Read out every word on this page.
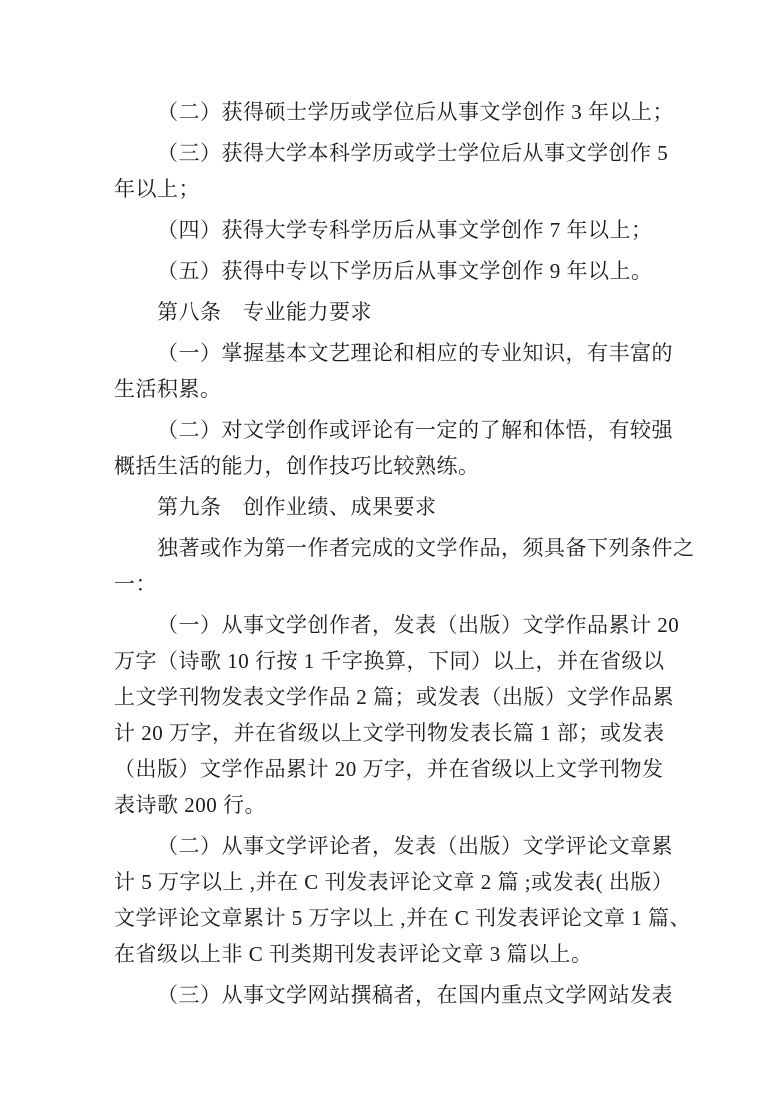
（二）获得硕士学历或学位后从事文学创作 3 年以上；
（三）获得大学本科学历或学士学位后从事文学创作 5
年以上；
（四）获得大学专科学历后从事文学创作 7 年以上；
（五）获得中专以下学历后从事文学创作 9 年以上。
第八条　专业能力要求
（一）掌握基本文艺理论和相应的专业知识，有丰富的
生活积累。
（二）对文学创作或评论有一定的了解和体悟，有较强
概括生活的能力，创作技巧比较熟练。
第九条　创作业绩、成果要求
独著或作为第一作者完成的文学作品，须具备下列条件之
一：
（一）从事文学创作者，发表（出版）文学作品累计 20
万字（诗歌 10 行按 1 千字换算，下同）以上，并在省级以
上文学刊物发表文学作品 2 篇；或发表（出版）文学作品累
计 20 万字，并在省级以上文学刊物发表长篇 1 部；或发表
（出版）文学作品累计 20 万字，并在省级以上文学刊物发
表诗歌 200 行。
（二）从事文学评论者，发表（出版）文学评论文章累
计 5 万字以上 ,并在 C 刊发表评论文章 2 篇 ;或发表( 出版）
文学评论文章累计 5 万字以上 ,并在 C 刊发表评论文章 1 篇、
在省级以上非 C 刊类期刊发表评论文章 3 篇以上。
（三）从事文学网站撰稿者，在国内重点文学网站发表
